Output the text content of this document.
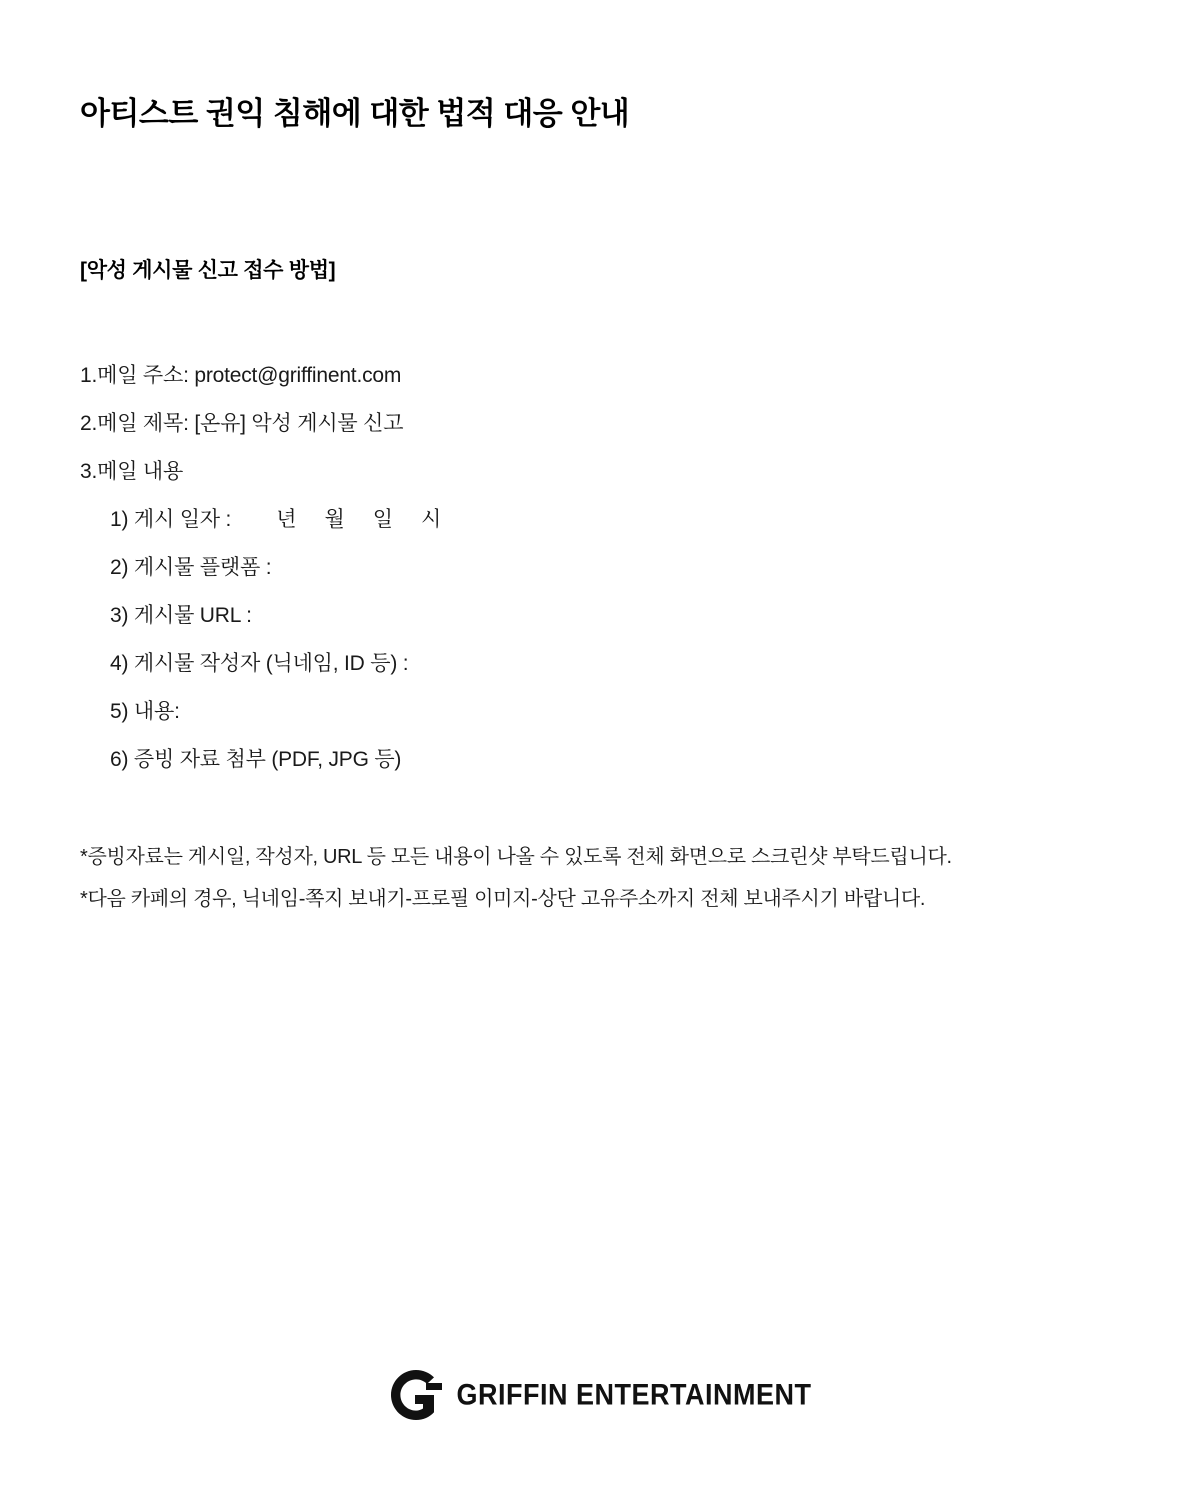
아티스트 권익 침해에 대한 법적 대응 안내
[악성 게시물 신고 접수 방법]
1.메일 주소: protect@griffinent.com
2.메일 제목: [온유] 악성 게시물 신고
3.메일 내용
1) 게시 일자 :        년     월     일     시
2) 게시물 플랫폼 :
3) 게시물 URL :
4) 게시물 작성자 (닉네임, ID 등) :
5) 내용:
6) 증빙 자료 첨부 (PDF, JPG 등)
*증빙자료는 게시일, 작성자, URL 등 모든 내용이 나올 수 있도록 전체 화면으로 스크린샷 부탁드립니다.
*다음 카페의 경우, 닉네임-쪽지 보내기-프로필 이미지-상단 고유주소까지 전체 보내주시기 바랍니다.
GRIFFIN ENTERTAINMENT
